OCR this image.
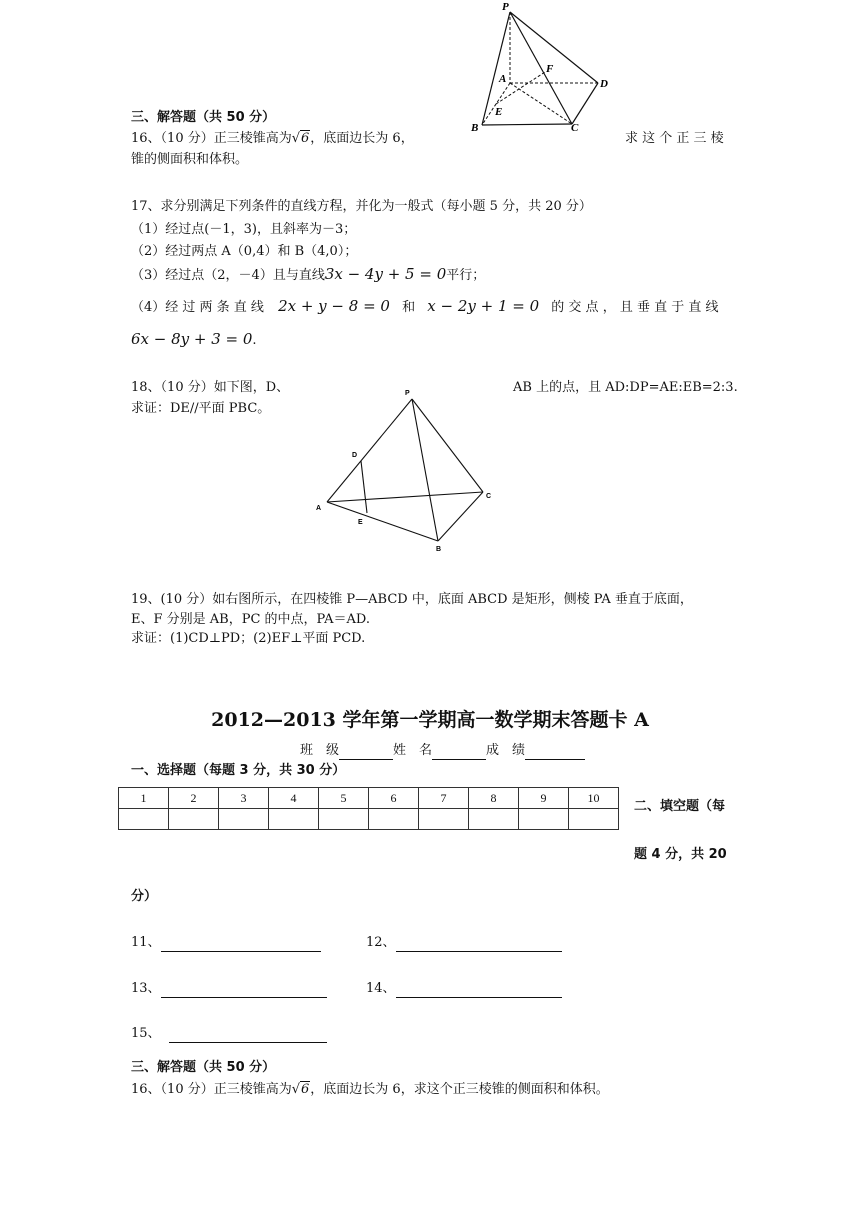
P
A
F
D
E
B	C
三、解答题（共 50 分）
16、（10 分）正三棱锥高为√6，底面边长为 6，	求 这 个 正 三 棱
锥的侧面积和体积。
17、求分别满足下列条件的直线方程，并化为一般式（每小题 5 分，共 20 分）
（1）经过点(－1，3)，且斜率为－3；
（2）经过两点 A（0,4）和 B（4,0）；
（3）经过点（2，－4）且与直线3x − 4y + 5 = 0平行；
（4）经 过 两 条 直 线 2x + y − 8 = 0 和 x − 2y + 1 = 0 的 交 点 ， 且 垂 直 于 直 线
6x − 8y + 3 = 0.
18、（10 分）如下图，D、	AB 上的点，且 AD:DP=AE:EB=2:3.
求证：DE//平面 PBC。
P
D
A
E
C
B
19、(10 分）如右图所示，在四棱锥 P—ABCD 中，底面 ABCD 是矩形，侧棱 PA 垂直于底面，
E、F 分别是 AB，PC 的中点，PA＝AD.
求证：(1)CD⊥PD；(2)EF⊥平面 PCD.
2012—2013 学年第一学期高一数学期末答题卡 A
班　级	姓　名	成　绩
一、选择题（每题 3 分，共 30 分）
1	2	3	4	5	6	7	8	9	10

二、填空题（每
题 4 分，共 20
分）
11、	12、
13、	14、
15、
三、解答题（共 50 分）
16、（10 分）正三棱锥高为√6，底面边长为 6，求这个正三棱锥的侧面积和体积。
